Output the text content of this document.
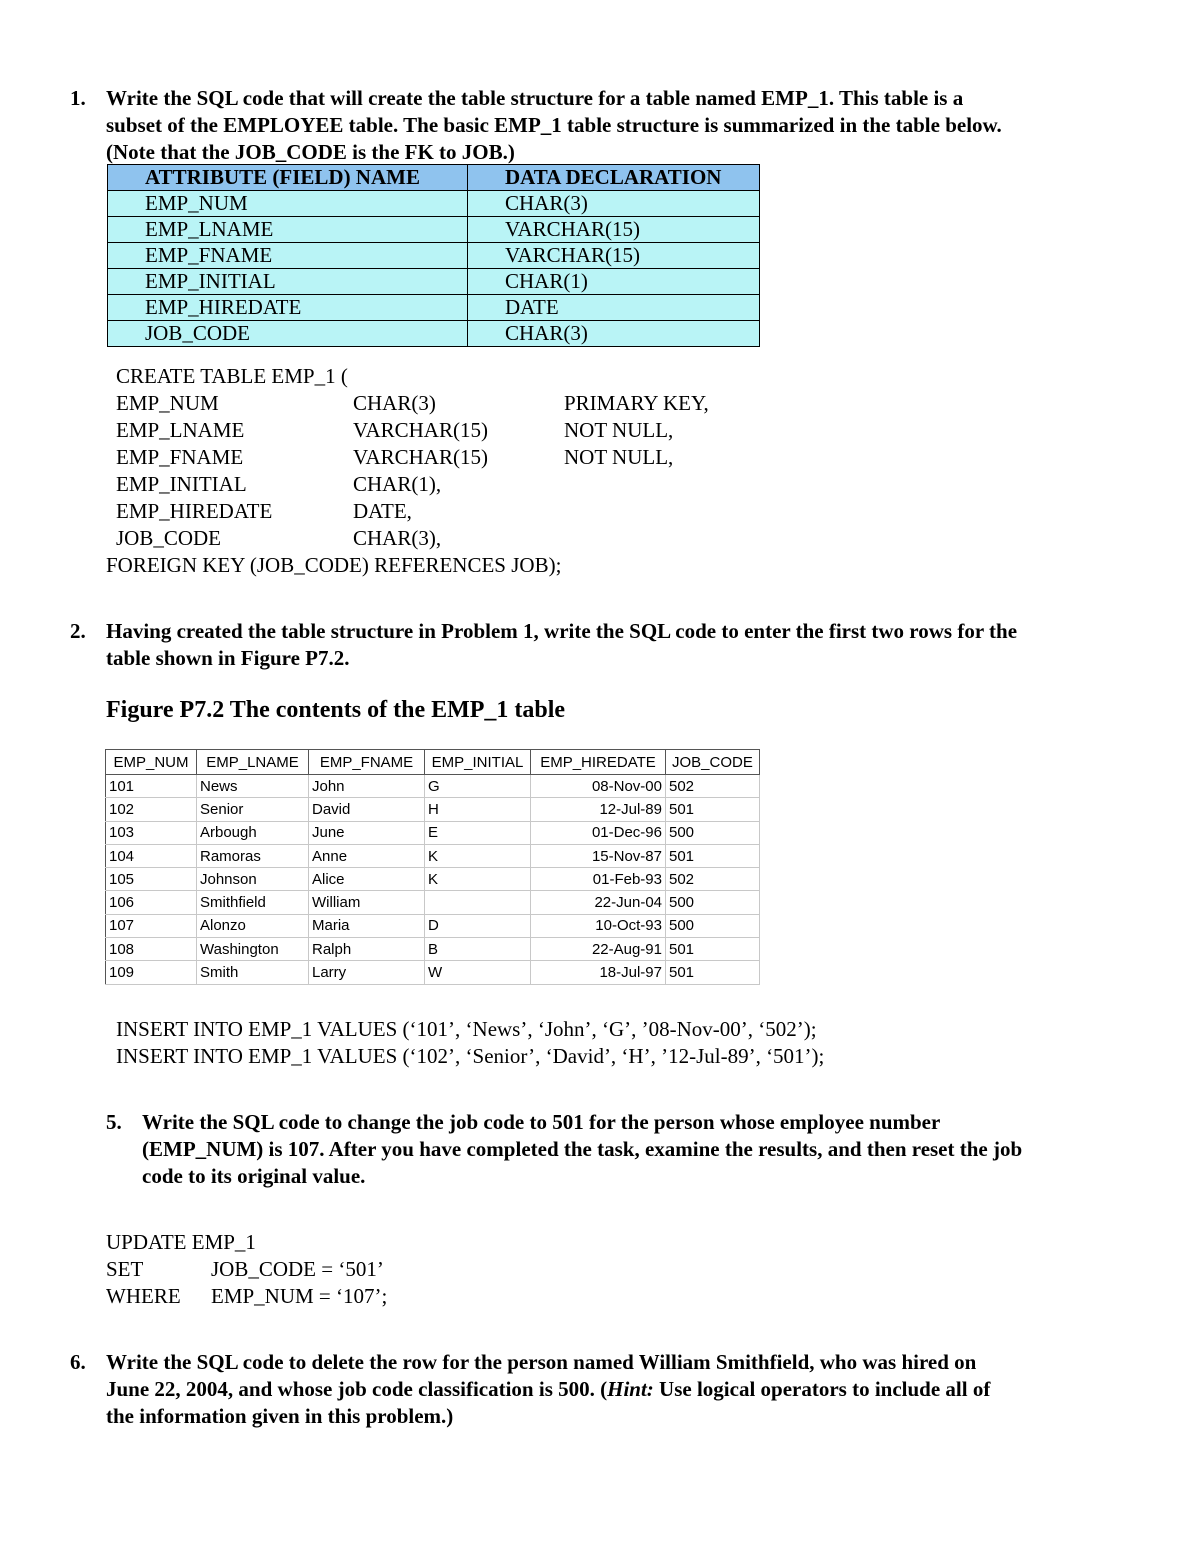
1. Write the SQL code that will create the table structure for a table named EMP_1. This table is a
subset of the EMPLOYEE table. The basic EMP_1 table structure is summarized in the table below.
(Note that the JOB_CODE is the FK to JOB.)
ATTRIBUTE (FIELD) NAME	DATA DECLARATION
EMP_NUM	CHAR(3)
EMP_LNAME	VARCHAR(15)
EMP_FNAME	VARCHAR(15)
EMP_INITIAL	CHAR(1)
EMP_HIREDATE	DATE
JOB_CODE	CHAR(3)
CREATE TABLE EMP_1 (
EMP_NUM	CHAR(3)	PRIMARY KEY,
EMP_LNAME	VARCHAR(15)	NOT NULL,
EMP_FNAME	VARCHAR(15)	NOT NULL,
EMP_INITIAL	CHAR(1),
EMP_HIREDATE	DATE,
JOB_CODE	CHAR(3),
FOREIGN KEY (JOB_CODE) REFERENCES JOB);
2. Having created the table structure in Problem 1, write the SQL code to enter the first two rows for the
table shown in Figure P7.2.
Figure P7.2 The contents of the EMP_1 table
EMP_NUM	EMP_LNAME	EMP_FNAME	EMP_INITIAL	EMP_HIREDATE	JOB_CODE
101	News	John	G	08-Nov-00	502
102	Senior	David	H	12-Jul-89	501
103	Arbough	June	E	01-Dec-96	500
104	Ramoras	Anne	K	15-Nov-87	501
105	Johnson	Alice	K	01-Feb-93	502
106	Smithfield	William		22-Jun-04	500
107	Alonzo	Maria	D	10-Oct-93	500
108	Washington	Ralph	B	22-Aug-91	501
109	Smith	Larry	W	18-Jul-97	501
INSERT INTO EMP_1 VALUES (‘101’, ‘News’, ‘John’, ‘G’, ’08-Nov-00’, ‘502’);
INSERT INTO EMP_1 VALUES (‘102’, ‘Senior’, ‘David’, ‘H’, ’12-Jul-89’, ‘501’);
5. Write the SQL code to change the job code to 501 for the person whose employee number
(EMP_NUM) is 107. After you have completed the task, examine the results, and then reset the job
code to its original value.
UPDATE EMP_1
SET	JOB_CODE = ‘501’
WHERE EMP_NUM = ‘107’;
6. Write the SQL code to delete the row for the person named William Smithfield, who was hired on
June 22, 2004, and whose job code classification is 500. (Hint: Use logical operators to include all of
the information given in this problem.)
